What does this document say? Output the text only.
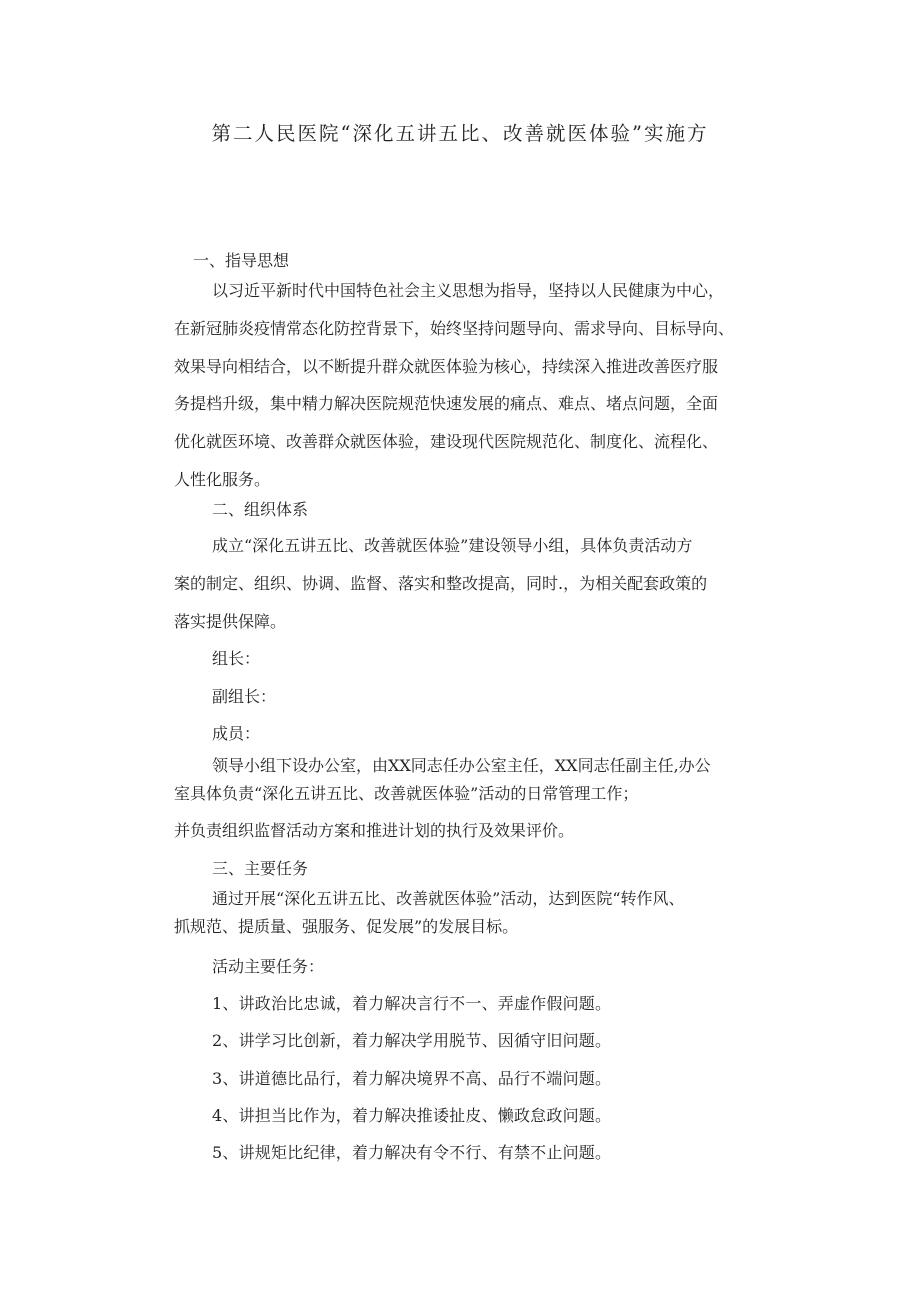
第二人民医院“深化五讲五比、改善就医体验”实施方
一、指导思想
以习近平新时代中国特色社会主义思想为指导，坚持以人民健康为中心，
在新冠肺炎疫情常态化防控背景下，始终坚持问题导向、需求导向、目标导向、
效果导向相结合，以不断提升群众就医体验为核心，持续深入推进改善医疗服
务提档升级，集中精力解决医院规范快速发展的痛点、难点、堵点问题，全面
优化就医环境、改善群众就医体验，建设现代医院规范化、制度化、流程化、
人性化服务。
二、组织体系
成立“深化五讲五比、改善就医体验”建设领导小组，具体负责活动方
案的制定、组织、协调、监督、落实和整改提高，同时.，为相关配套政策的
落实提供保障。
组长：
副组长：
成员：
领导小组下设办公室，由XX同志任办公室主任，XX同志任副主任,办公
室具体负责“深化五讲五比、改善就医体验”活动的日常管理工作；
并负责组织监督活动方案和推进计划的执行及效果评价。
三、主要任务
通过开展“深化五讲五比、改善就医体验”活动，达到医院“转作风、
抓规范、提质量、强服务、促发展”的发展目标。
活动主要任务：
1、讲政治比忠诚，着力解决言行不一、弄虚作假问题。
2、讲学习比创新，着力解决学用脱节、因循守旧问题。
3、讲道德比品行，着力解决境界不高、品行不端问题。
4、讲担当比作为，着力解决推诿扯皮、懒政怠政问题。
5、讲规矩比纪律，着力解决有令不行、有禁不止问题。
